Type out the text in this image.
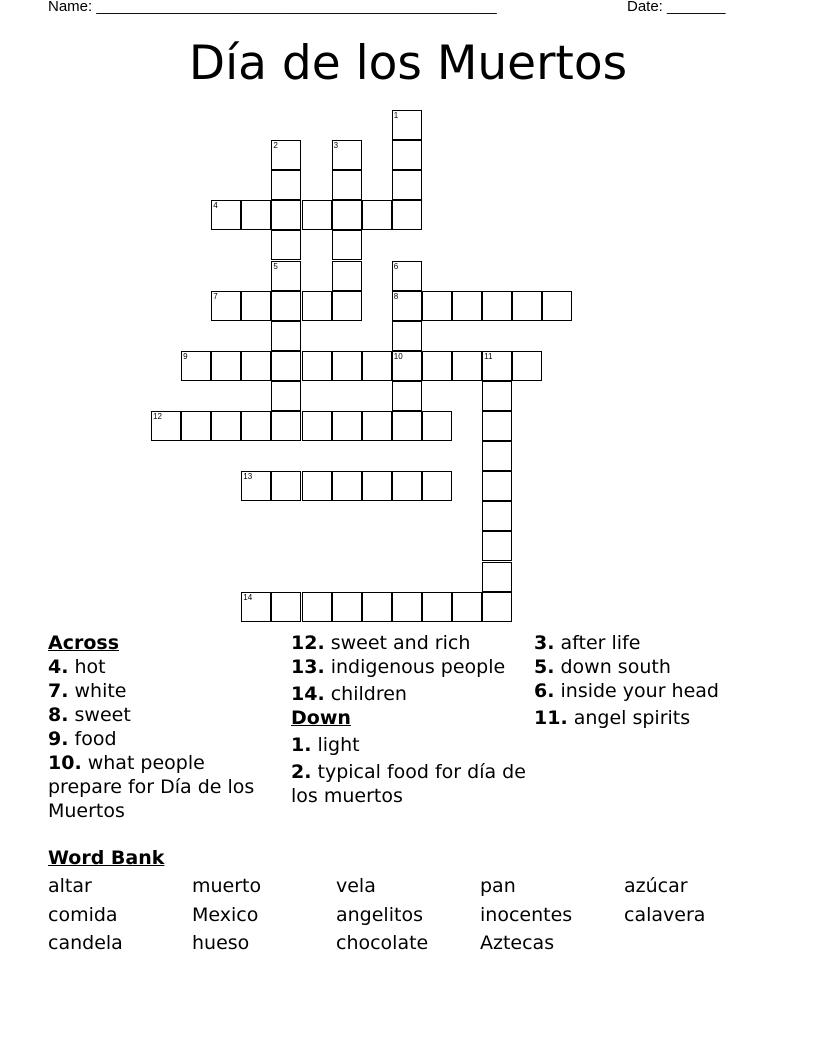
Name: ________________________________________________	Date: _______
Día de los Muertos
1
2
5
3
4
6
8
10
7
9	11
12
13
14
Across
4. hot
7. white
8. sweet
9. food
10. what people prepare for Día de los Muertos
12. sweet and rich
13. indigenous people
14. children
Down
1. light
2. typical food for día de los muertos
3. after life
5. down south
6. inside your head
11. angel spirits
Word Bank
altar	muerto	vela	pan	azúcar
comida	Mexico	angelitos	inocentes	calavera
candela	hueso	chocolate	Aztecas
